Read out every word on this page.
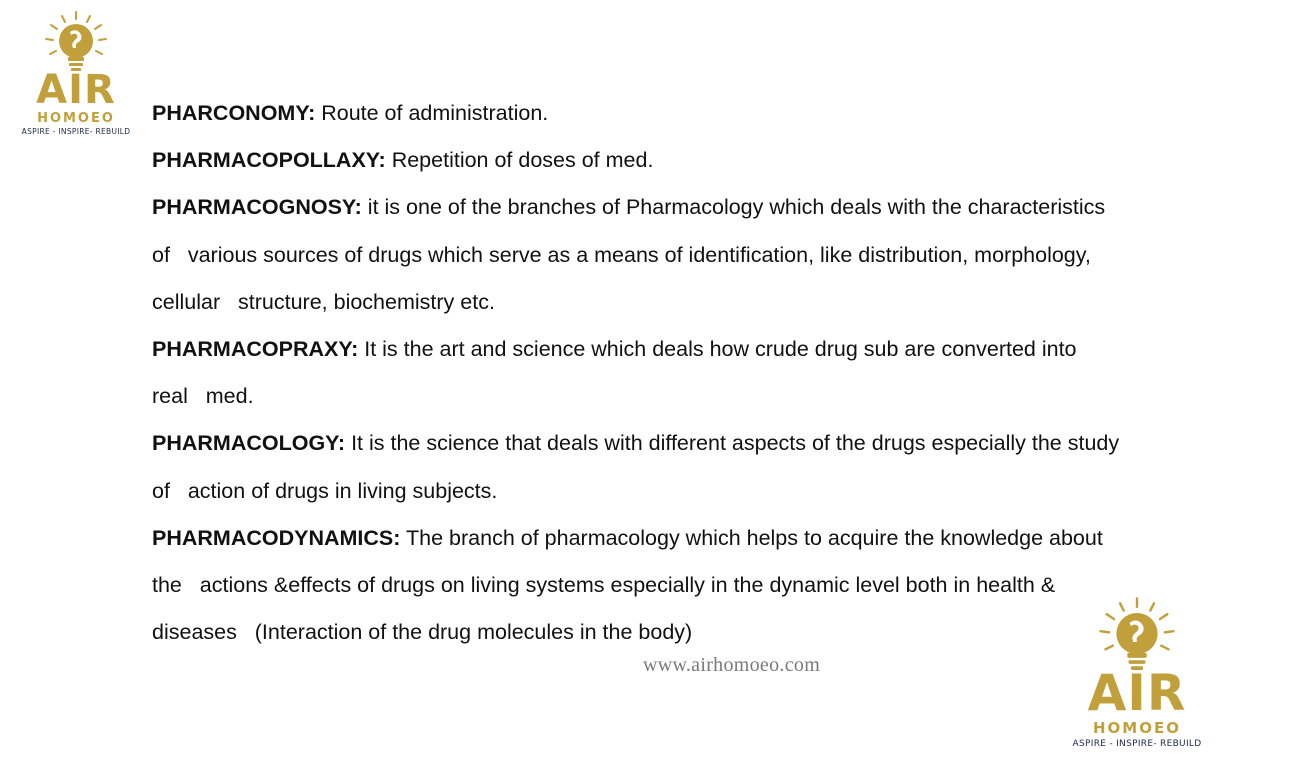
AIR
HOMOEO
ASPIRE - INSPIRE- REBUILD

PHARCONOMY: Route of administration.

PHARMACOPOLLAXY: Repetition of doses of med.

PHARMACOGNOSY: it is one of the branches of Pharmacology which deals with the characteristics
of   various sources of drugs which serve as a means of identification, like distribution, morphology,
cellular   structure, biochemistry etc.

PHARMACOPRAXY: It is the art and science which deals how crude drug sub are converted into
real   med.

PHARMACOLOGY: It is the science that deals with different aspects of the drugs especially the study
of   action of drugs in living subjects.

PHARMACODYNAMICS: The branch of pharmacology which helps to acquire the knowledge about
the   actions &effects of drugs on living systems especially in the dynamic level both in health &
diseases   (Interaction of the drug molecules in the body)

www.airhomoeo.com	AIR
HOMOEO
ASPIRE - INSPIRE- REBUILD
